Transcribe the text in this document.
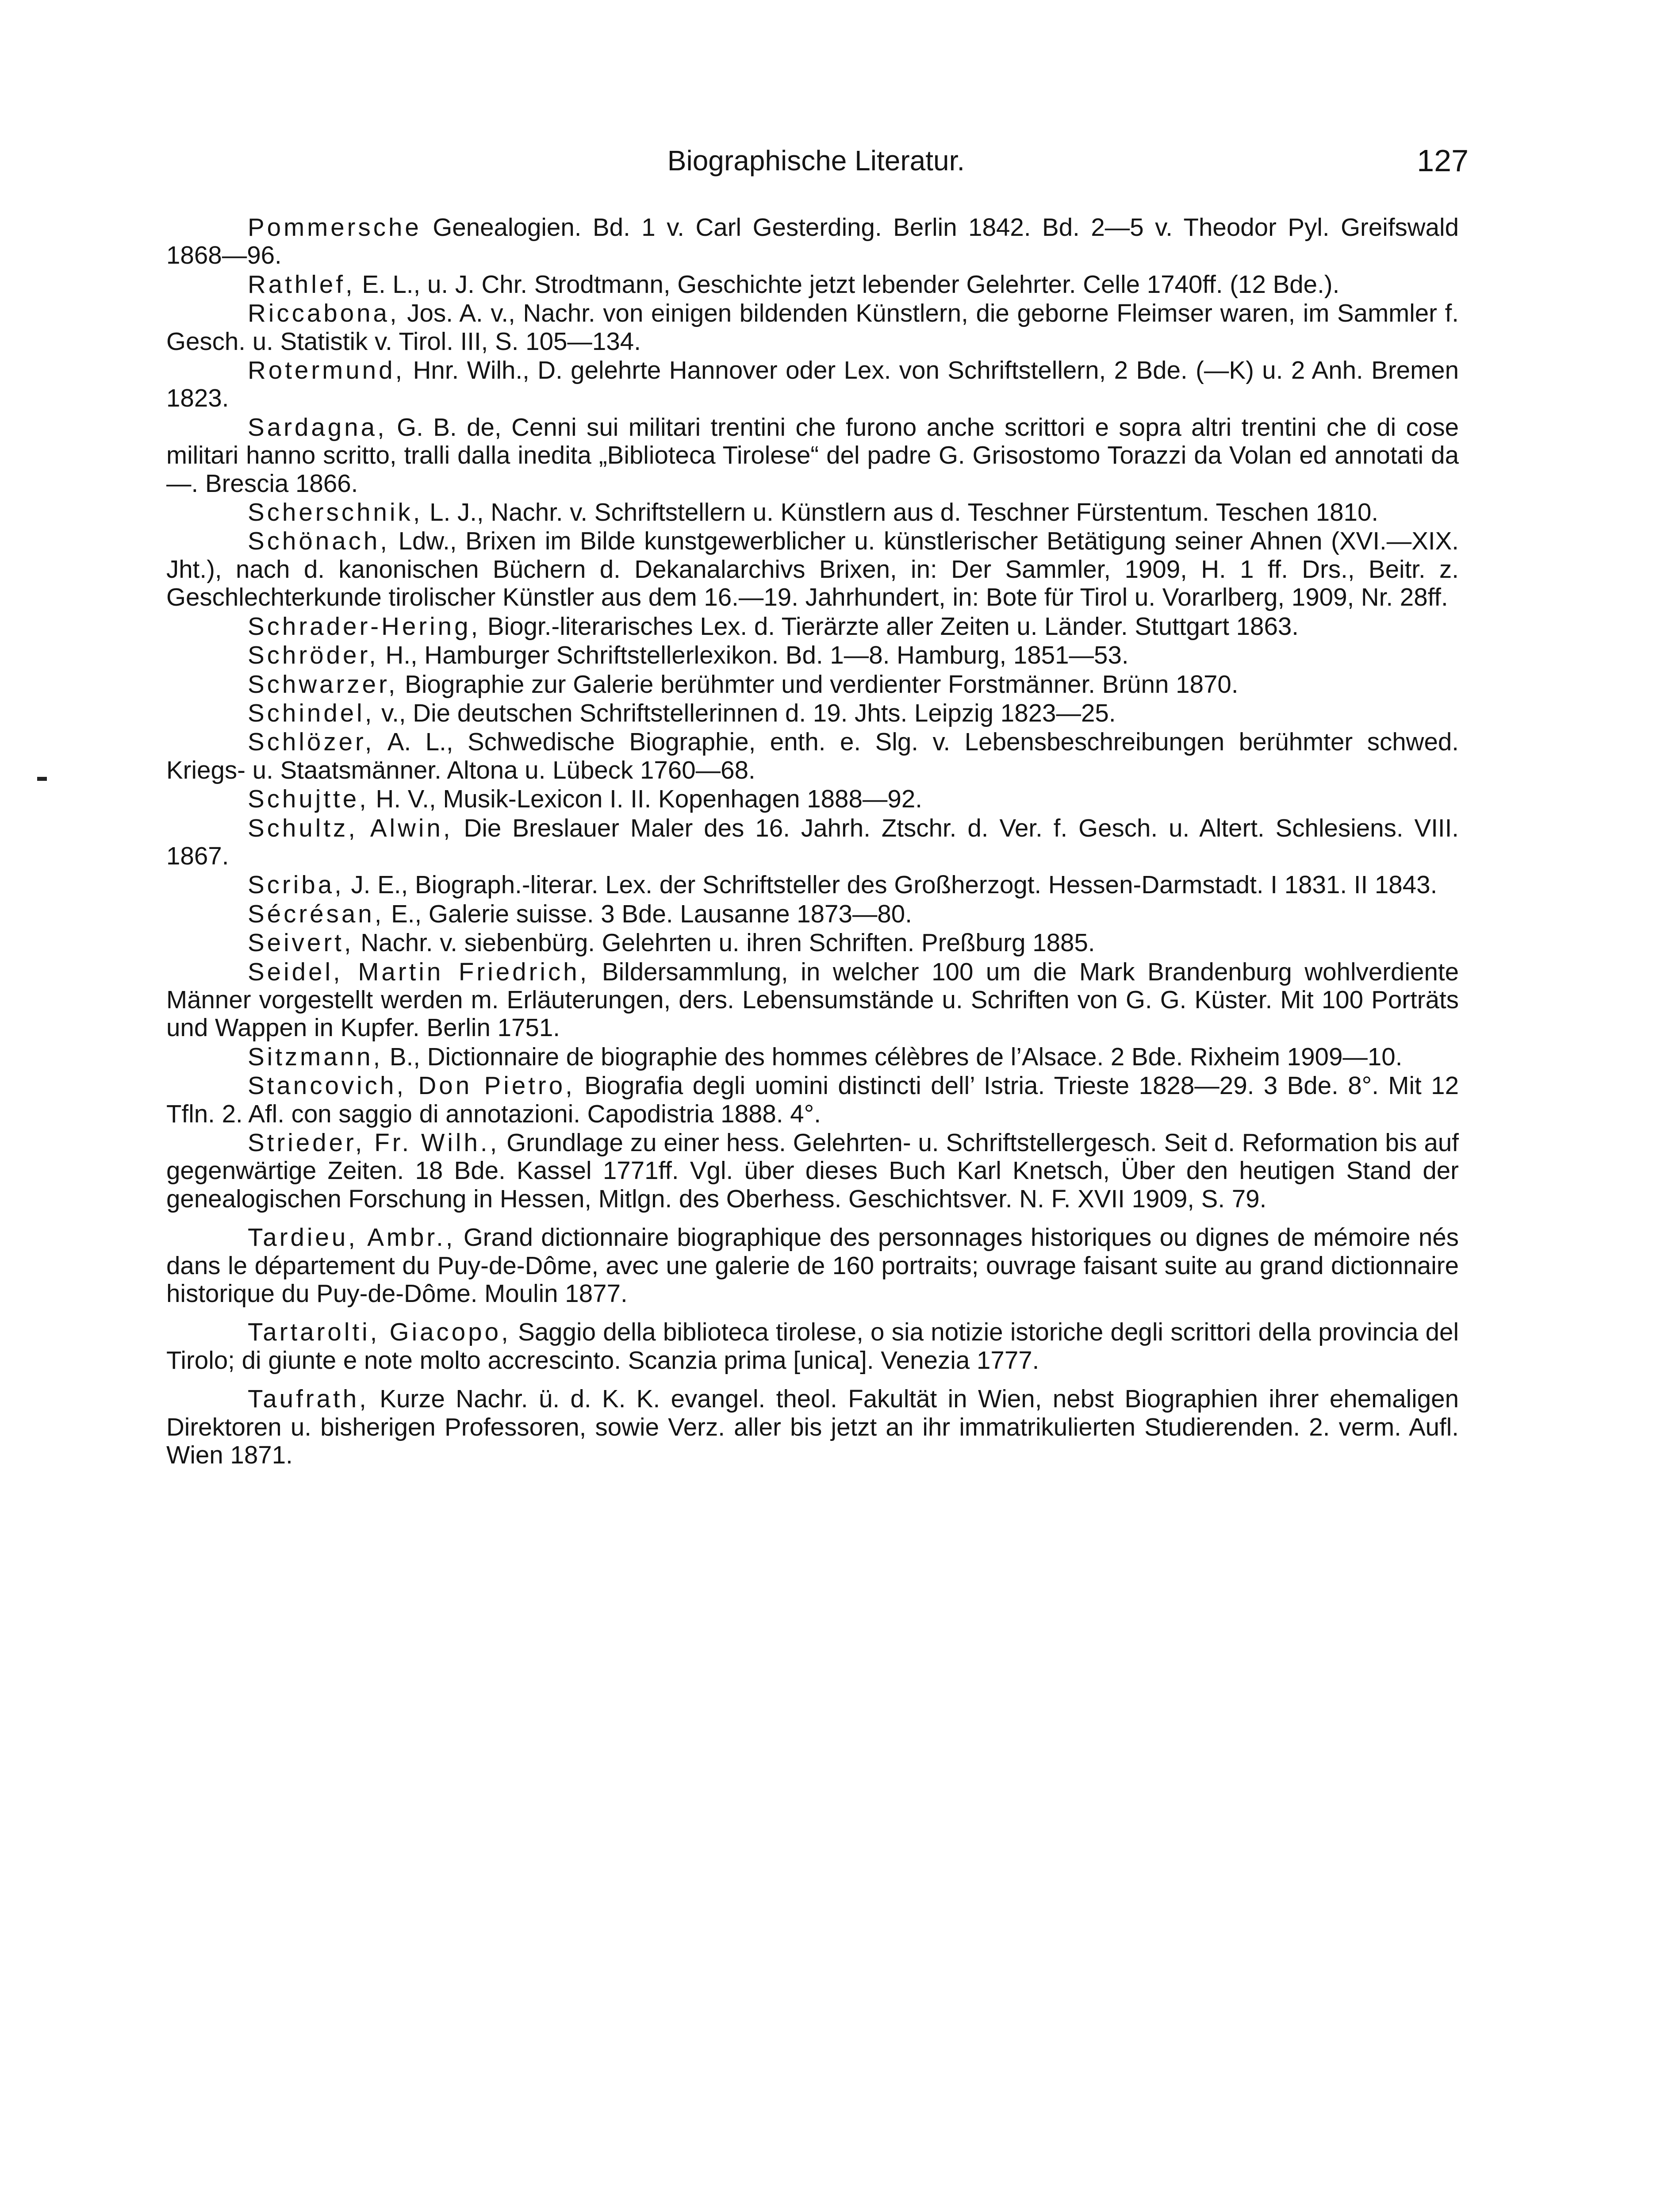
Biographische Literatur.	127

Pommersche Genealogien. Bd. 1 v. Carl Gesterding. Berlin 1842. Bd. 2—5 v. Theodor Pyl. Greifswald 1868—96.

Rathlef, E. L., u. J. Chr. Strodtmann, Geschichte jetzt lebender Gelehrter. Celle 1740ff. (12 Bde.).

Riccabona, Jos. A. v., Nachr. von einigen bildenden Künstlern, die geborne Fleimser waren, im Sammler f. Gesch. u. Statistik v. Tirol. III, S. 105—134.

Rotermund, Hnr. Wilh., D. gelehrte Hannover oder Lex. von Schriftstellern, 2 Bde. (—K) u. 2 Anh. Bremen 1823.

Sardagna, G. B. de, Cenni sui militari trentini che furono anche scrittori e sopra altri trentini che di cose militari hanno scritto, tralli dalla inedita „Biblioteca Tirolese“ del padre G. Grisostomo Torazzi da Volan ed annotati da —. Brescia 1866.

Scherschnik, L. J., Nachr. v. Schriftstellern u. Künstlern aus d. Teschner Fürstentum. Teschen 1810.

Schönach, Ldw., Brixen im Bilde kunstgewerblicher u. künstlerischer Betätigung seiner Ahnen (XVI.—XIX. Jht.), nach d. kanonischen Büchern d. Dekanalarchivs Brixen, in: Der Sammler, 1909, H. 1 ff. Drs., Beitr. z. Geschlechterkunde tirolischer Künstler aus dem 16.—19. Jahrhundert, in: Bote für Tirol u. Vorarlberg, 1909, Nr. 28ff.

Schrader-Hering, Biogr.-literarisches Lex. d. Tierärzte aller Zeiten u. Länder. Stuttgart 1863.

Schröder, H., Hamburger Schriftstellerlexikon. Bd. 1—8. Hamburg, 1851—53.

Schwarzer, Biographie zur Galerie berühmter und verdienter Forstmänner. Brünn 1870.

Schindel, v., Die deutschen Schriftstellerinnen d. 19. Jhts. Leipzig 1823—25.

Schlözer, A. L., Schwedische Biographie, enth. e. Slg. v. Lebensbeschreibungen berühmter schwed. Kriegs- u. Staatsmänner. Altona u. Lübeck 1760—68.

Schujtte, H. V., Musik-Lexicon I. II. Kopenhagen 1888—92.

Schultz, Alwin, Die Breslauer Maler des 16. Jahrh. Ztschr. d. Ver. f. Gesch. u. Altert. Schlesiens. VIII. 1867.

Scriba, J. E., Biograph.-literar. Lex. der Schriftsteller des Großherzogt. Hessen-Darmstadt. I 1831. II 1843.

Sécrésan, E., Galerie suisse. 3 Bde. Lausanne 1873—80.

Seivert, Nachr. v. siebenbürg. Gelehrten u. ihren Schriften. Preßburg 1885.

Seidel, Martin Friedrich, Bildersammlung, in welcher 100 um die Mark Brandenburg wohlverdiente Männer vorgestellt werden m. Erläuterungen, ders. Lebensumstände u. Schriften von G. G. Küster. Mit 100 Porträts und Wappen in Kupfer. Berlin 1751.

Sitzmann, B., Dictionnaire de biographie des hommes célèbres de l’Alsace. 2 Bde. Rixheim 1909—10.

Stancovich, Don Pietro, Biografia degli uomini distincti dell’ Istria. Trieste 1828—29. 3 Bde. 8°. Mit 12 Tfln. 2. Afl. con saggio di annotazioni. Capodistria 1888. 4°.

Strieder, Fr. Wilh., Grundlage zu einer hess. Gelehrten- u. Schriftstellergesch. Seit d. Reformation bis auf gegenwärtige Zeiten. 18 Bde. Kassel 1771ff. Vgl. über dieses Buch Karl Knetsch, Über den heutigen Stand der genealogischen Forschung in Hessen, Mitlgn. des Oberhess. Geschichtsver. N. F. XVII 1909, S. 79.

Tardieu, Ambr., Grand dictionnaire biographique des personnages historiques ou dignes de mémoire nés dans le département du Puy-de-Dôme, avec une galerie de 160 portraits; ouvrage faisant suite au grand dictionnaire historique du Puy-de-Dôme. Moulin 1877.

Tartarolti, Giacopo, Saggio della biblioteca tirolese, o sia notizie istoriche degli scrittori della provincia del Tirolo; di giunte e note molto accrescinto. Scanzia prima [unica]. Venezia 1777.

Taufrath, Kurze Nachr. ü. d. K. K. evangel. theol. Fakultät in Wien, nebst Biographien ihrer ehemaligen Direktoren u. bisherigen Professoren, sowie Verz. aller bis jetzt an ihr immatrikulierten Studierenden. 2. verm. Aufl. Wien 1871.
